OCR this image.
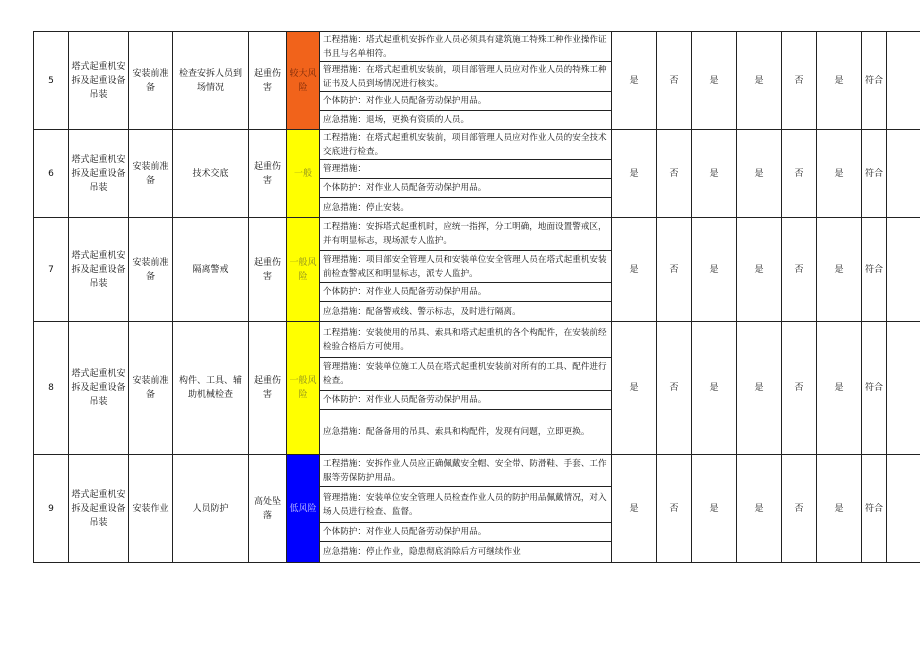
5	塔式起重机安拆及起重设备吊装	安装前准备	检查安拆人员到场情况	起重伤害	较大风险	工程措施：塔式起重机安拆作业人员必须具有建筑施工特殊工种作业操作证书且与名单相符。	是	否	是	是	否	是	符合	
						管理措施：在塔式起重机安装前，项目部管理人员应对作业人员的特殊工种证书及人员到场情况进行核实。								
						个体防护：对作业人员配备劳动保护用品。								
						应急措施：退场，更换有资质的人员。								
6	塔式起重机安拆及起重设备吊装	安装前准备	技术交底	起重伤害	一般	工程措施：在塔式起重机安装前，项目部管理人员应对作业人员的安全技术交底进行检查。	是	否	是	是	否	是	符合	
						管理措施：								
						个体防护：对作业人员配备劳动保护用品。								
						应急措施：停止安装。								
7	塔式起重机安拆及起重设备吊装	安装前准备	隔离警戒	起重伤害	一般风险	工程措施：安拆塔式起重机时，应统一指挥，分工明确，地面设置警戒区，并有明显标志，现场派专人监护。	是	否	是	是	否	是	符合	
						管理措施：项目部安全管理人员和安装单位安全管理人员在塔式起重机安装前检查警戒区和明显标志，派专人监护。								
						个体防护：对作业人员配备劳动保护用品。								
						应急措施：配备警戒线、警示标志，及时进行隔离。								
8	塔式起重机安拆及起重设备吊装	安装前准备	构件、工具、辅助机械检查	起重伤害	一般风险	工程措施：安装使用的吊具、索具和塔式起重机的各个构配件，在安装前经检验合格后方可使用。	是	否	是	是	否	是	符合	
						管理措施：安装单位施工人员在塔式起重机安装前对所有的工具、配件进行检查。								
						个体防护：对作业人员配备劳动保护用品。								
						应急措施：配备备用的吊具、索具和构配件，发现有问题，立即更换。								
9	塔式起重机安拆及起重设备吊装	安装作业	人员防护	高处坠落	低风险	工程措施：安拆作业人员应正确佩戴安全帽、安全带、防滑鞋、手套、工作服等劳保防护用品。	是	否	是	是	否	是	符合	
						管理措施：安装单位安全管理人员检查作业人员的防护用品佩戴情况，对入场人员进行检查、监督。								
						个体防护：对作业人员配备劳动保护用品。								
						应急措施：停止作业，隐患彻底消除后方可继续作业								
